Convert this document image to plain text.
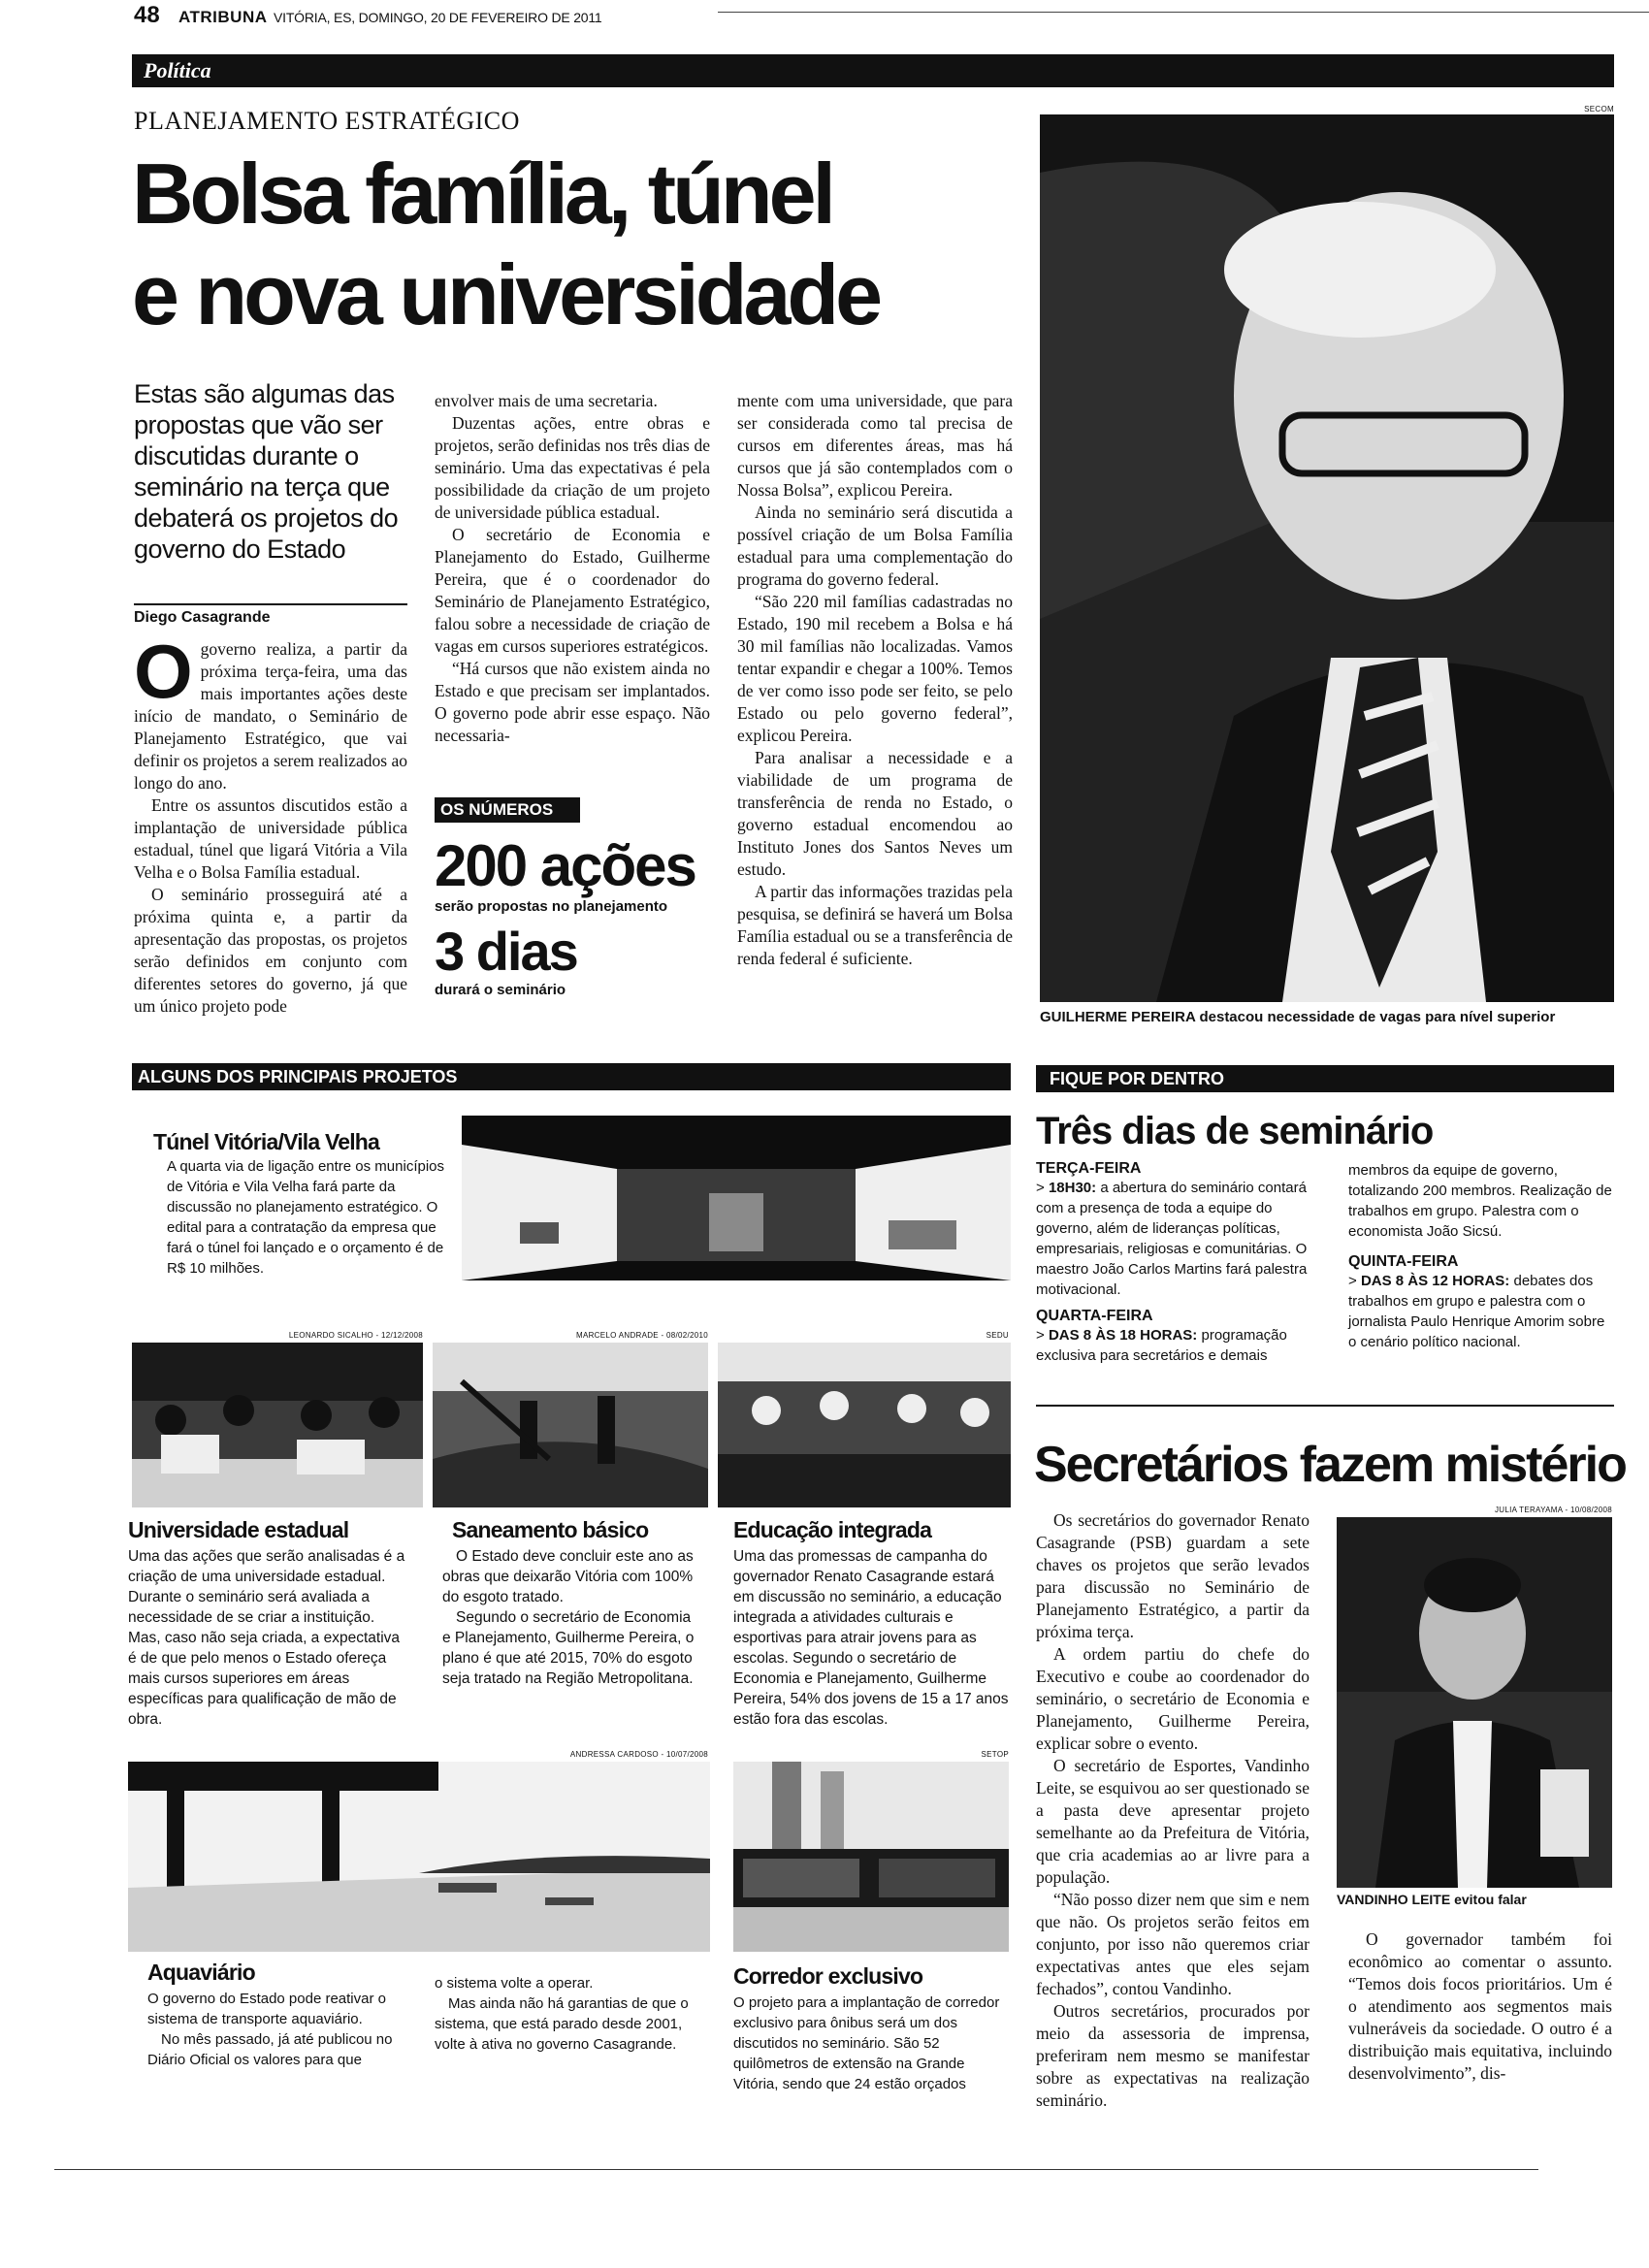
48 ATRIBUNA VITÓRIA, ES, DOMINGO, 20 DE FEVEREIRO DE 2011
Política
PLANEJAMENTO ESTRATÉGICO
Bolsa família, túnel
e nova universidade
Estas são algumas das propostas que vão ser discutidas durante o seminário na terça que debaterá os projetos do governo do Estado
Diego Casagrande

Ogoverno realiza, a partir da próxima terça-feira, uma das mais importantes ações deste início de mandato, o Seminário de Planejamento Estratégico, que vai definir os projetos a serem realizados ao longo do ano.

Entre os assuntos discutidos estão a implantação de universidade pública estadual, túnel que ligará Vitória a Vila Velha e o Bolsa Família estadual.

O seminário prosseguirá até a próxima quinta e, a partir da apresentação das propostas, os projetos serão definidos em conjunto com diferentes setores do governo, já que um único projeto pode

envolver mais de uma secretaria.

Duzentas ações, entre obras e projetos, serão definidas nos três dias de seminário. Uma das expectativas é pela possibilidade da criação de um projeto de universidade pública estadual.

O secretário de Economia e Planejamento do Estado, Guilherme Pereira, que é o coordenador do Seminário de Planejamento Estratégico, falou sobre a necessidade de criação de vagas em cursos superiores estratégicos.

“Há cursos que não existem ainda no Estado e que precisam ser implantados. O governo pode abrir esse espaço. Não necessaria-

OS NÚMEROS
200 ações
serão propostas no planejamento
3 dias
durará o seminário

mente com uma universidade, que para ser considerada como tal precisa de cursos em diferentes áreas, mas há cursos que já são contemplados com o Nossa Bolsa”, explicou Pereira.

Ainda no seminário será discutida a possível criação de um Bolsa Família estadual para uma complementação do programa do governo federal.

“São 220 mil famílias cadastradas no Estado, 190 mil recebem a Bolsa e há 30 mil famílias não localizadas. Vamos tentar expandir e chegar a 100%. Temos de ver como isso pode ser feito, se pelo Estado ou pelo governo federal”, explicou Pereira.

Para analisar a necessidade e a viabilidade de um programa de transferência de renda no Estado, o governo estadual encomendou ao Instituto Jones dos Santos Neves um estudo.

A partir das informações trazidas pela pesquisa, se definirá se haverá um Bolsa Família estadual ou se a transferência de renda federal é suficiente.

SECOM
GUILHERME PEREIRA destacou necessidade de vagas para nível superior
ALGUNS DOS PRINCIPAIS PROJETOS
Túnel Vitória/Vila Velha
A quarta via de ligação entre os municípios de Vitória e Vila Velha fará parte da discussão no planejamento estratégico. O edital para a contratação da empresa que fará o túnel foi lançado e o orçamento é de R$ 10 milhões.
LEONARDO SICALHO - 12/12/2008	MARCELO ANDRADE - 08/02/2010	SEDU
Universidade estadual
Uma das ações que serão analisadas é a criação de uma universidade estadual. Durante o seminário será avaliada a necessidade de se criar a instituição. Mas, caso não seja criada, a expectativa é de que pelo menos o Estado ofereça mais cursos superiores em áreas específicas para qualificação de mão de obra.
Saneamento básico

O Estado deve concluir este ano as obras que deixarão Vitória com 100% do esgoto tratado.

Segundo o secretário de Economia e Planejamento, Guilherme Pereira, o plano é que até 2015, 70% do esgoto seja tratado na Região Metropolitana.

Educação integrada
Uma das promessas de campanha do governador Renato Casagrande estará em discussão no seminário, a educação integrada a atividades culturais e esportivas para atrair jovens para as escolas. Segundo o secretário de Economia e Planejamento, Guilherme Pereira, 54% dos jovens de 15 a 17 anos estão fora das escolas.
ANDRESSA CARDOSO - 10/07/2008	SETOP
Aquaviário

O governo do Estado pode reativar o sistema de transporte aquaviário.

No mês passado, já até publicou no Diário Oficial os valores para que

o sistema volte a operar.

Mas ainda não há garantias de que o sistema, que está parado desde 2001, volte à ativa no governo Casagrande.

Corredor exclusivo
O projeto para a implantação de corredor exclusivo para ônibus será um dos discutidos no seminário. São 52 quilômetros de extensão na Grande Vitória, sendo que 24 estão orçados
FIQUE POR DENTRO
Três dias de seminário
TERÇA-FEIRA
> 18H30: a abertura do seminário contará com a presença de toda a equipe do governo, além de lideranças políticas, empresariais, religiosas e comunitárias. O maestro João Carlos Martins fará palestra motivacional.
QUARTA-FEIRA
> DAS 8 ÀS 18 HORAS: programação exclusiva para secretários e demais
membros da equipe de governo, totalizando 200 membros. Realização de trabalhos em grupo. Palestra com o economista João Sicsú.
QUINTA-FEIRA
> DAS 8 ÀS 12 HORAS: debates dos trabalhos em grupo e palestra com o jornalista Paulo Henrique Amorim sobre o cenário político nacional.
Secretários fazem mistério

Os secretários do governador Renato Casagrande (PSB) guardam a sete chaves os projetos que serão levados para discussão no Seminário de Planejamento Estratégico, a partir da próxima terça.

A ordem partiu do chefe do Executivo e coube ao coordenador do seminário, o secretário de Economia e Planejamento, Guilherme Pereira, explicar sobre o evento.

O secretário de Esportes, Vandinho Leite, se esquivou ao ser questionado se a pasta deve apresentar projeto semelhante ao da Prefeitura de Vitória, que cria academias ao ar livre para a população.

“Não posso dizer nem que sim e nem que não. Os projetos serão feitos em conjunto, por isso não queremos criar expectativas antes que eles sejam fechados”, contou Vandinho.

Outros secretários, procurados por meio da assessoria de imprensa, preferiram nem mesmo se manifestar sobre as expectativas na realização seminário.

JULIA TERAYAMA - 10/08/2008
VANDINHO LEITE evitou falar

O governador também foi econômico ao comentar o assunto. “Temos dois focos prioritários. Um é o atendimento aos segmentos mais vulneráveis da sociedade. O outro é a distribuição mais equitativa, incluindo desenvolvimento”, dis-
